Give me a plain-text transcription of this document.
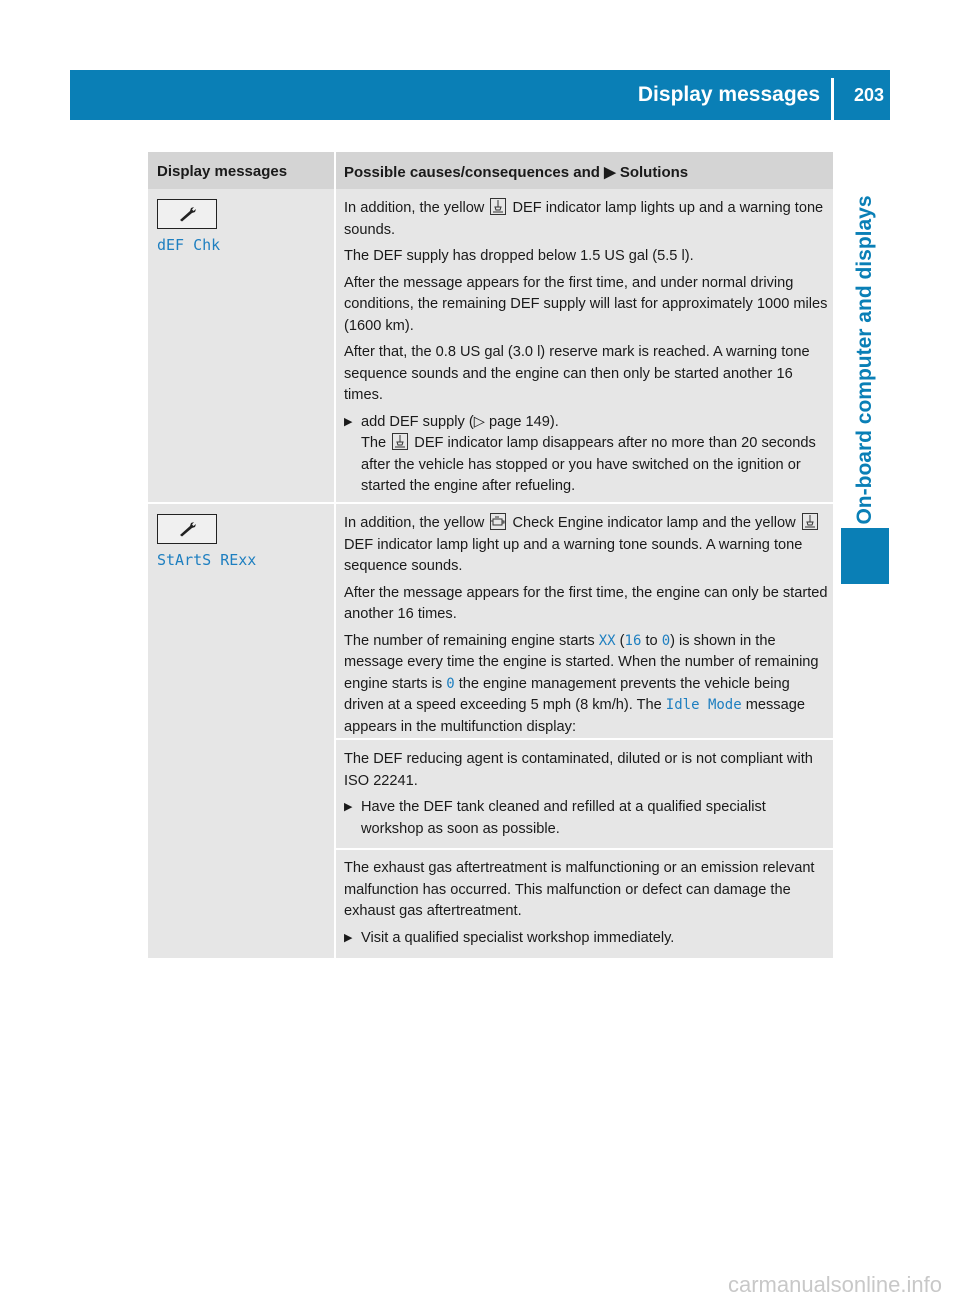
Display messages 203
On-board computer and displays
Display messages	Possible causes/consequences and ▶ Solutions
dEF Chk

In addition, the yellow DEF indicator lamp lights up and a warning tone sounds.

The DEF supply has dropped below 1.5 US gal (5.5 l).

After the message appears for the first time, and under normal driving conditions, the remaining DEF supply will last for approximately 1000 miles (1600 km).

After that, the 0.8 US gal (3.0 l) reserve mark is reached. A warning tone sequence sounds and the engine can then only be started another 16 times.

▶ add DEF supply (▷ page 149).
The DEF indicator lamp disappears after no more than 20 seconds after the vehicle has stopped or you have switched on the ignition or started the engine after refueling.
StArtS RExx

In addition, the yellow Check Engine indicator lamp and the yellow  DEF indicator lamp light up and a warning tone sounds. A warning tone sequence sounds.

After the message appears for the first time, the engine can only be started another 16 times.

The number of remaining engine starts XX (16 to 0) is shown in the message every time the engine is started. When the number of remaining engine starts is 0 the engine management prevents the vehicle being driven at a speed exceeding 5 mph (8 km/h). The Idle Mode message appears in the multifunction display:

The DEF reducing agent is contaminated, diluted or is not compliant with ISO 22241.

▶ Have the DEF tank cleaned and refilled at a qualified specialist workshop as soon as possible.

The exhaust gas aftertreatment is malfunctioning or an emission relevant malfunction has occurred. This malfunction or defect can damage the exhaust gas aftertreatment.

▶ Visit a qualified specialist workshop immediately.
carmanualsonline.info
